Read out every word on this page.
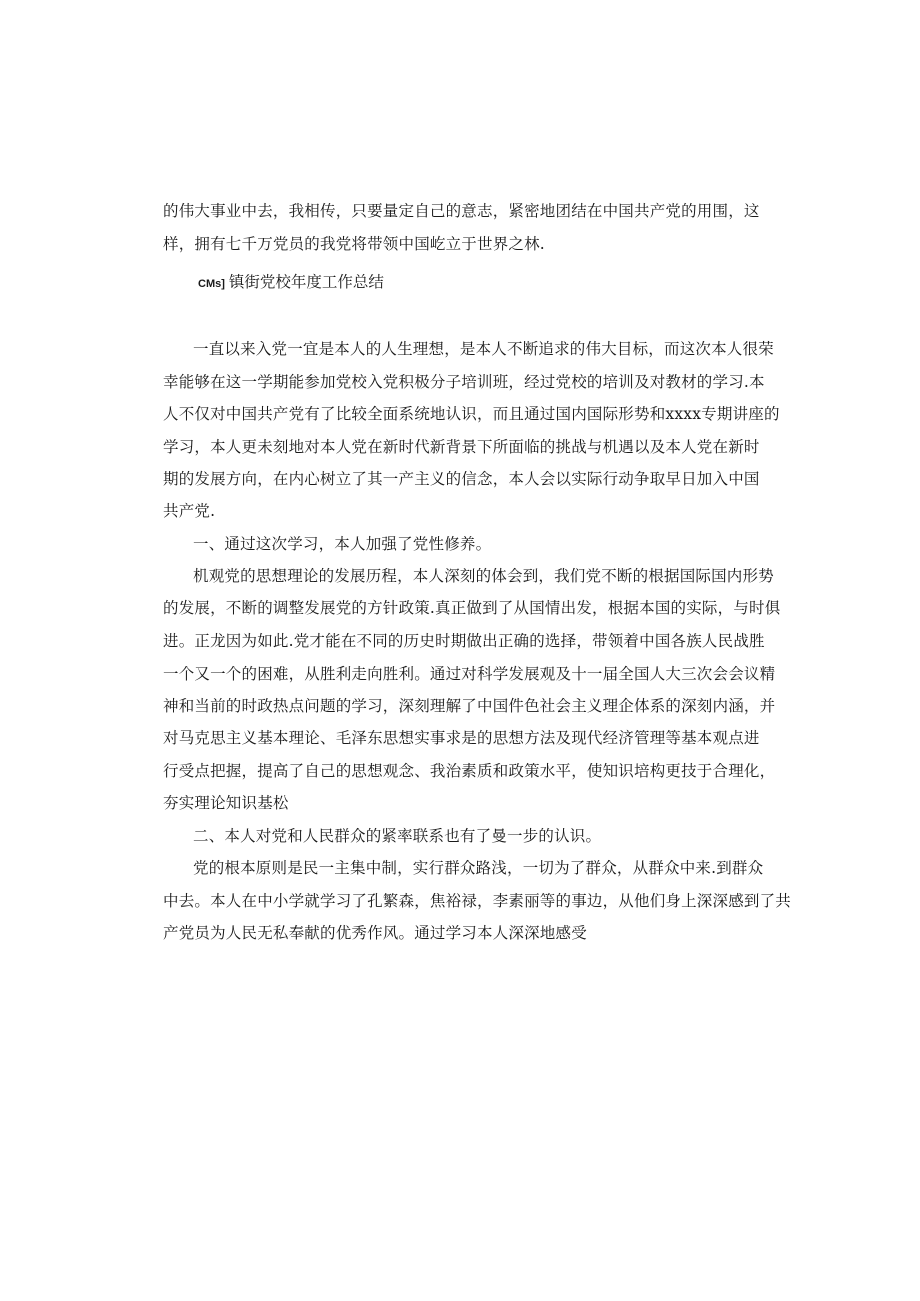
的伟大事业中去，我相传，只要量定自己的意志，紧密地团结在中国共产党的用围，这
样，拥有七千万党员的我党将带领中国屹立于世界之林.
CMs] 镇街党校年度工作总结
一直以来入党一宜是本人的人生理想，是本人不断追求的伟大目标，而这次本人很荣
幸能够在这一学期能参加党校入党积极分子培训班，经过党校的培训及对教材的学习.本
人不仅对中国共产党有了比较全面系统地认识，而且通过国内国际形势和xxxx专期讲座的
学习，本人更未刻地对本人党在新时代新背景下所面临的挑战与机遇以及本人党在新时
期的发展方向，在内心树立了其一产主义的信念，本人会以实际行动争取早日加入中国
共产党.
一、通过这次学习，本人加强了党性修养。
机观党的思想理论的发展历程，本人深刻的体会到，我们党不断的根据国际国内形势
的发展，不断的调整发展党的方针政策.真正做到了从国情出发，根据本国的实际，与时俱
进。正龙因为如此.党才能在不同的历史时期做出正确的选择，带领着中国各族人民战胜
一个又一个的困难，从胜利走向胜利。通过对科学发展观及十一届全国人大三次会会议精
神和当前的时政热点问题的学习，深刻理解了中国件色社会主义理企体系的深刻内涵，并
对马克思主义基本理论、毛泽东思想实事求是的思想方法及现代经济管理等基本观点进
行受点把握，提高了自己的思想观念、我治素质和政策水平，使知识培构更技于合理化，
夯实理论知识基松
二、本人对党和人民群众的紧率联系也有了曼一步的认识。
党的根本原则是民一主集中制，实行群众路浅，一切为了群众，从群众中来.到群众
中去。本人在中小学就学习了孔繁森，焦裕禄，李素丽等的事边，从他们身上深深感到了共
产党员为人民无私奉献的优秀作风。通过学习本人深深地感受
